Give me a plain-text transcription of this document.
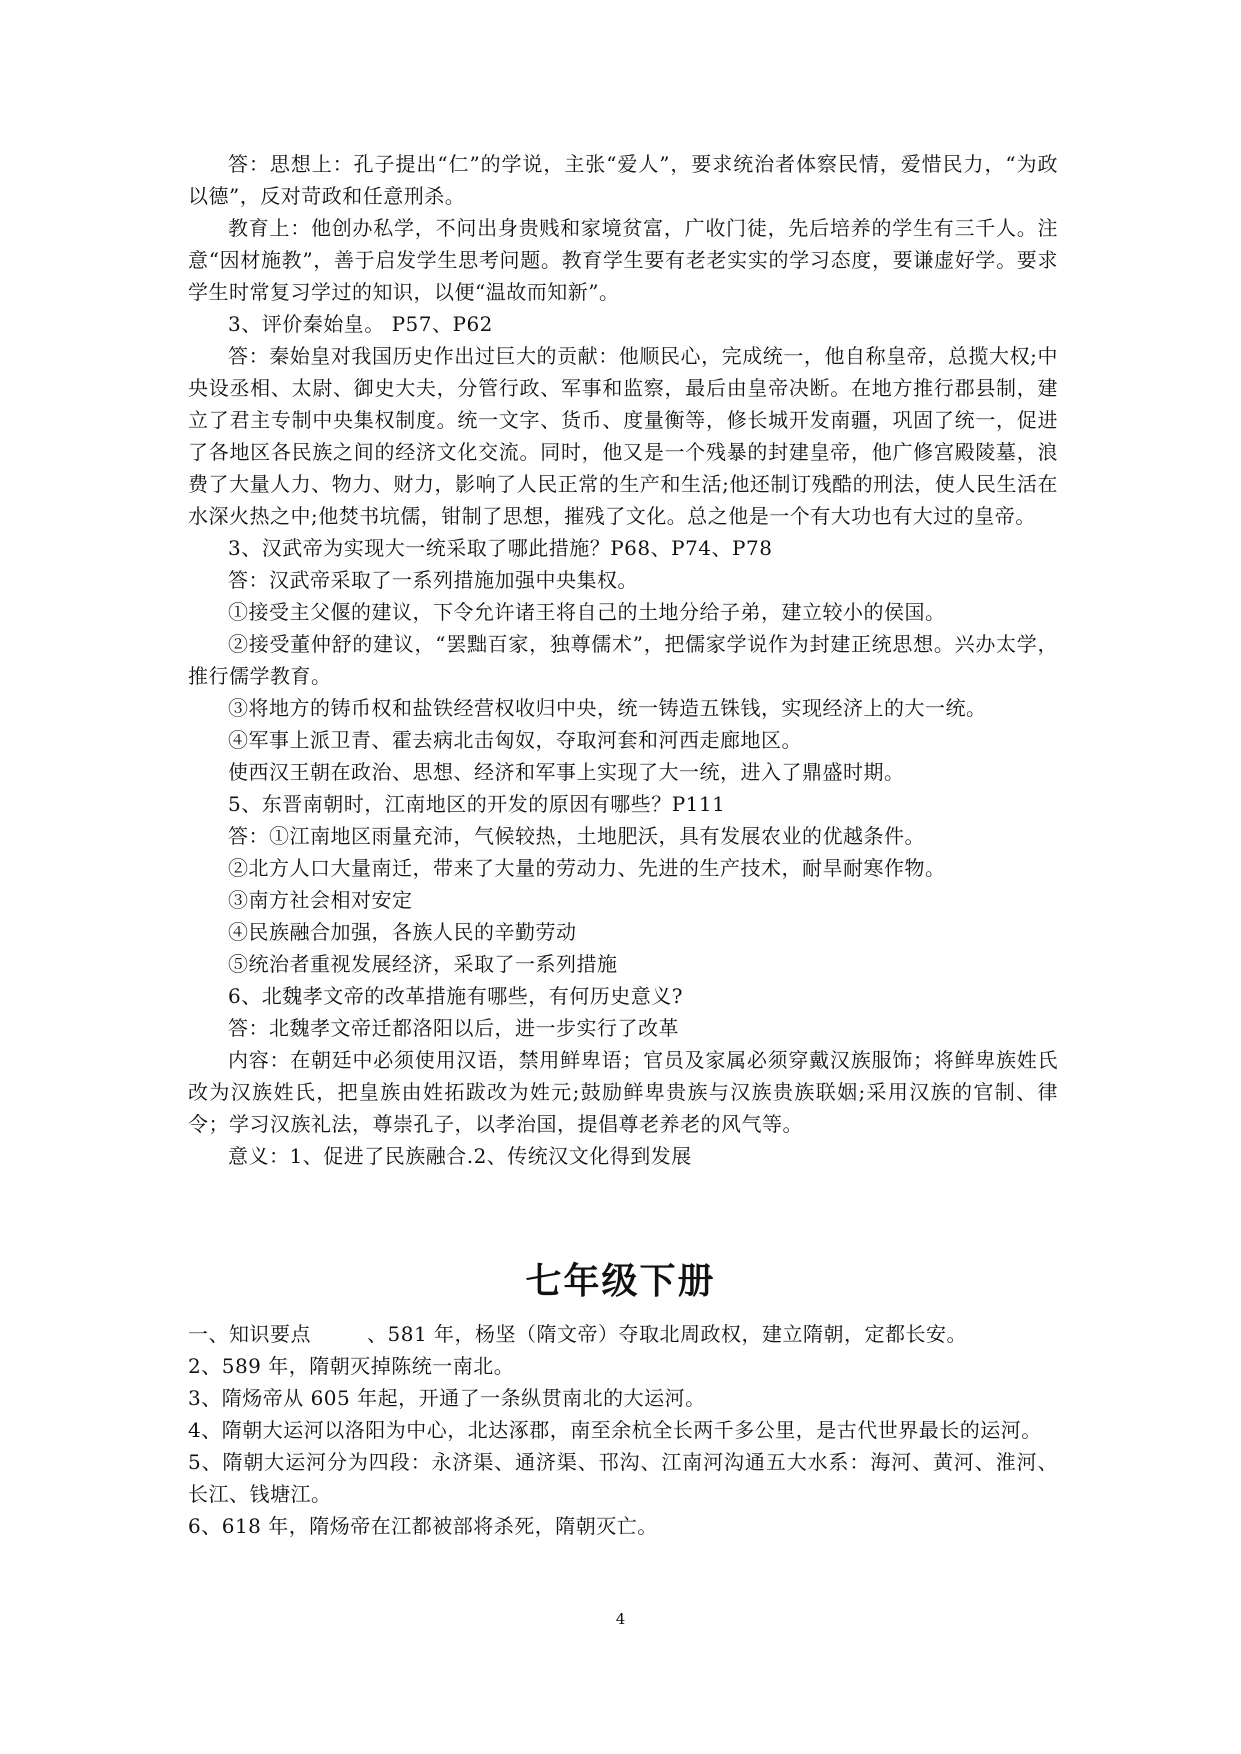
答：思想上：孔子提出“仁”的学说，主张“爱人”，要求统治者体察民情，爱惜民力，“为政以德”，反对苛政和任意刑杀。

教育上：他创办私学，不问出身贵贱和家境贫富，广收门徒，先后培养的学生有三千人。注意“因材施教”，善于启发学生思考问题。教育学生要有老老实实的学习态度，要谦虚好学。要求学生时常复习学过的知识，以便“温故而知新”。

3、评价秦始皇。 P57、P62

答：秦始皇对我国历史作出过巨大的贡献：他顺民心，完成统一，他自称皇帝，总揽大权;中央设丞相、太尉、御史大夫，分管行政、军事和监察，最后由皇帝决断。在地方推行郡县制，建立了君主专制中央集权制度。统一文字、货币、度量衡等，修长城开发南疆，巩固了统一，促进了各地区各民族之间的经济文化交流。同时，他又是一个残暴的封建皇帝，他广修宫殿陵墓，浪费了大量人力、物力、财力，影响了人民正常的生产和生活;他还制订残酷的刑法，使人民生活在水深火热之中;他焚书坑儒，钳制了思想，摧残了文化。总之他是一个有大功也有大过的皇帝。

3、汉武帝为实现大一统采取了哪此措施？P68、P74、P78

答：汉武帝采取了一系列措施加强中央集权。

①接受主父偃的建议，下令允许诸王将自己的土地分给子弟，建立较小的侯国。

②接受董仲舒的建议，“罢黜百家，独尊儒术”，把儒家学说作为封建正统思想。兴办太学，推行儒学教育。

③将地方的铸币权和盐铁经营权收归中央，统一铸造五铢钱，实现经济上的大一统。

④军事上派卫青、霍去病北击匈奴，夺取河套和河西走廊地区。

使西汉王朝在政治、思想、经济和军事上实现了大一统，进入了鼎盛时期。

5、东晋南朝时，江南地区的开发的原因有哪些？P111

答：①江南地区雨量充沛，气候较热，土地肥沃，具有发展农业的优越条件。

②北方人口大量南迁，带来了大量的劳动力、先进的生产技术，耐旱耐寒作物。

③南方社会相对安定

④民族融合加强，各族人民的辛勤劳动

⑤统治者重视发展经济，采取了一系列措施

6、北魏孝文帝的改革措施有哪些，有何历史意义?

答：北魏孝文帝迁都洛阳以后，进一步实行了改革

内容：在朝廷中必须使用汉语，禁用鲜卑语；官员及家属必须穿戴汉族服饰；将鲜卑族姓氏改为汉族姓氏，把皇族由姓拓跋改为姓元;鼓励鲜卑贵族与汉族贵族联姻;采用汉族的官制、律令；学习汉族礼法，尊崇孔子，以孝治国，提倡尊老养老的风气等。

意义：1、促进了民族融合.2、传统汉文化得到发展

七年级下册

一、知识要点	、581 年，杨坚（隋文帝）夺取北周政权，建立隋朝，定都长安。

2、589 年，隋朝灭掉陈统一南北。

3、隋炀帝从 605 年起，开通了一条纵贯南北的大运河。

4、隋朝大运河以洛阳为中心，北达涿郡，南至余杭全长两千多公里，是古代世界最长的运河。

5、隋朝大运河分为四段：永济渠、通济渠、邗沟、江南河沟通五大水系：海河、黄河、淮河、长江、钱塘江。

6、618 年，隋炀帝在江都被部将杀死，隋朝灭亡。

4
